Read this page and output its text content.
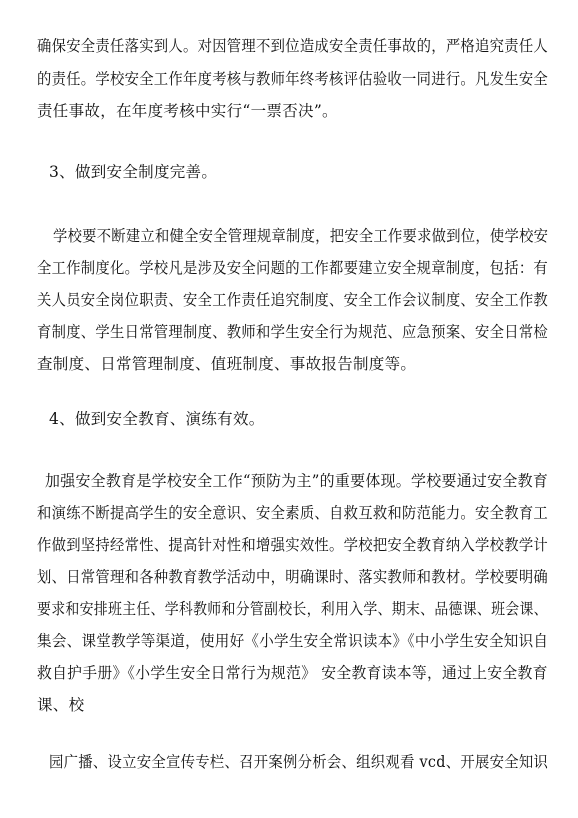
确保安全责任落实到人。对因管理不到位造成安全责任事故的，严格追究责任人
的责任。学校安全工作年度考核与教师年终考核评估验收一同进行。凡发生安全
责任事故，在年度考核中实行“一票否决”。
3、做到安全制度完善。
学校要不断建立和健全安全管理规章制度，把安全工作要求做到位，使学校安
全工作制度化。学校凡是涉及安全问题的工作都要建立安全规章制度，包括：有
关人员安全岗位职责、安全工作责任追究制度、安全工作会议制度、安全工作教
育制度、学生日常管理制度、教师和学生安全行为规范、应急预案、安全日常检
查制度、日常管理制度、值班制度、事故报告制度等。
4、做到安全教育、演练有效。
加强安全教育是学校安全工作“预防为主”的重要体现。学校要通过安全教育
和演练不断提高学生的安全意识、安全素质、自救互救和防范能力。安全教育工
作做到坚持经常性、提高针对性和增强实效性。学校把安全教育纳入学校教学计
划、日常管理和各种教育教学活动中，明确课时、落实教师和教材。学校要明确
要求和安排班主任、学科教师和分管副校长，利用入学、期末、品德课、班会课、
集会、课堂教学等渠道，使用好《小学生安全常识读本》《中小学生安全知识自
救自护手册》《小学生安全日常行为规范》 安全教育读本等，通过上安全教育
课、校
园广播、设立安全宣传专栏、召开案例分析会、组织观看 vcd、开展安全知识
